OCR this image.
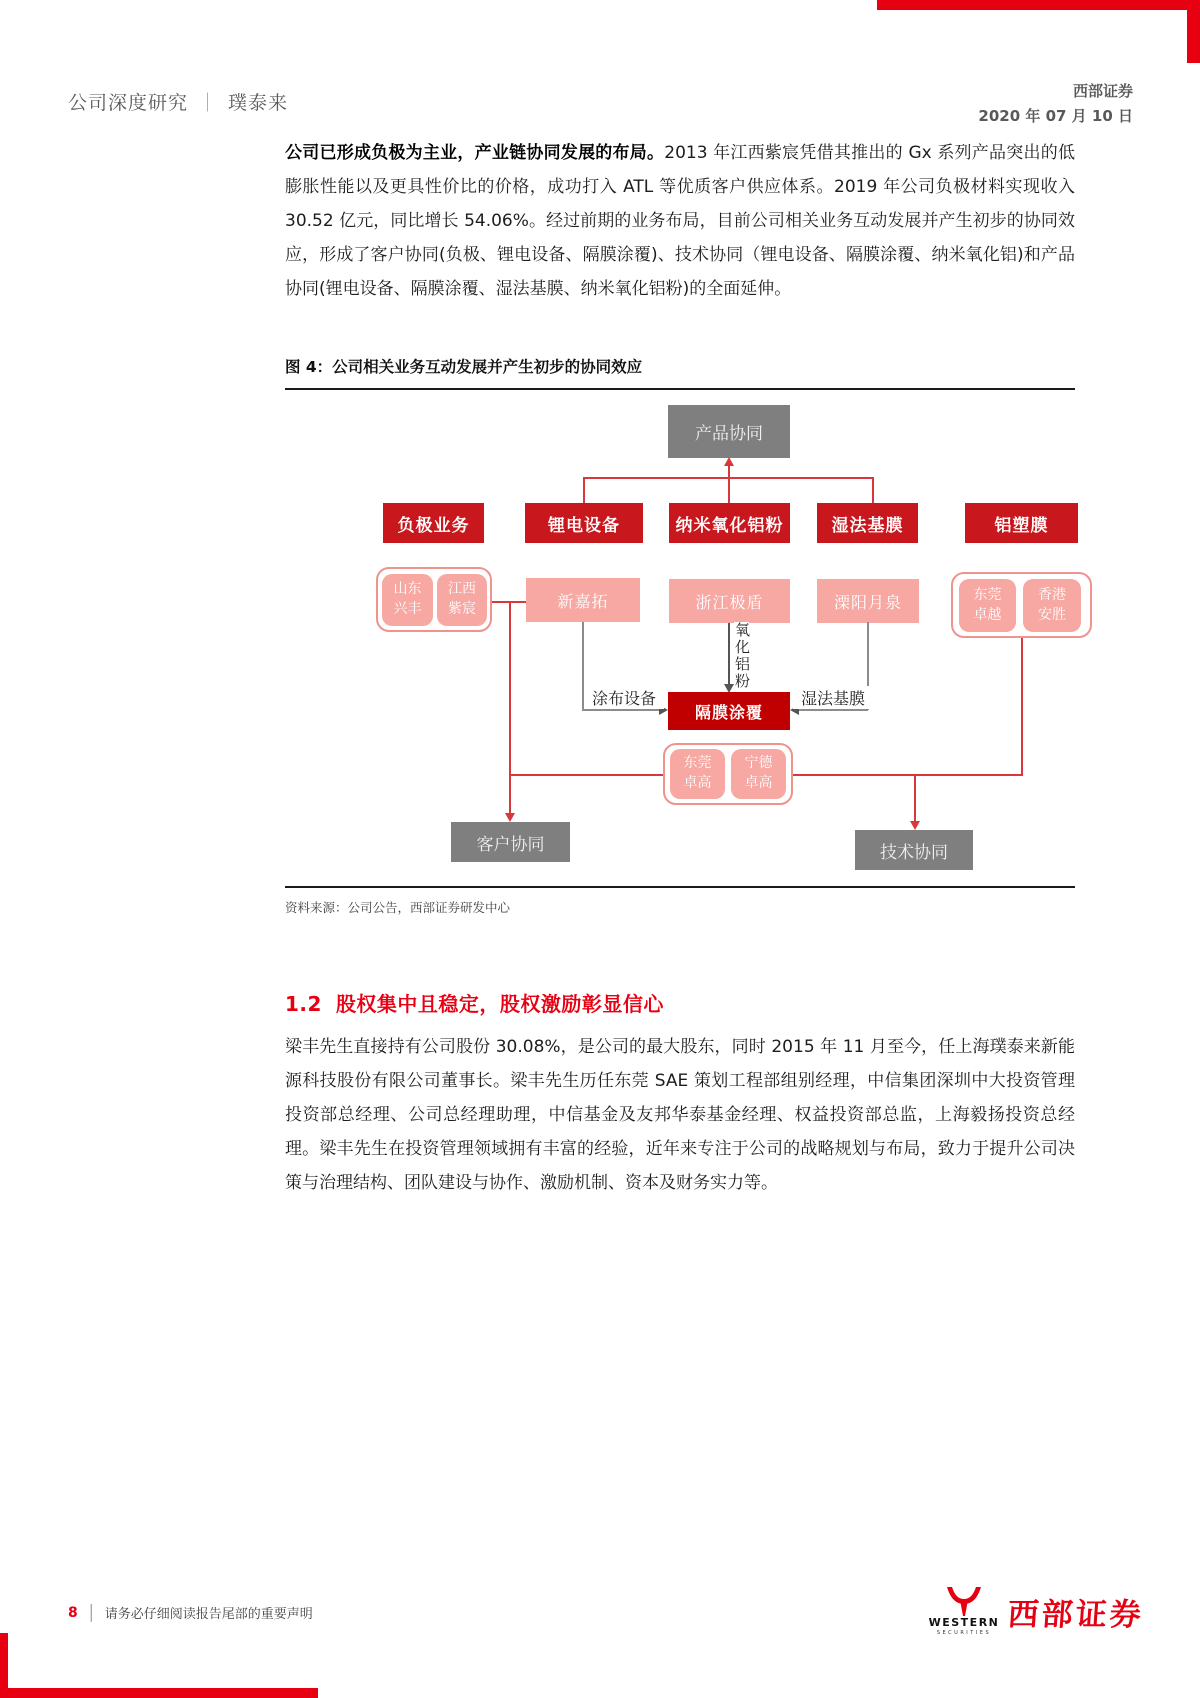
公司深度研究 ｜ 璞泰来
西部证券
2020 年 07 月 10 日
公司已形成负极为主业，产业链协同发展的布局。2013 年江西紫宸凭借其推出的 Gx 系列产品突出的低膨胀性能以及更具性价比的价格，成功打入 ATL 等优质客户供应体系。2019 年公司负极材料实现收入 30.52 亿元，同比增长 54.06%。经过前期的业务布局，目前公司相关业务互动发展并产生初步的协同效应，形成了客户协同(负极、锂电设备、隔膜涂覆)、技术协同（锂电设备、隔膜涂覆、纳米氧化铝)和产品协同(锂电设备、隔膜涂覆、湿法基膜、纳米氧化铝粉)的全面延伸。
图 4：公司相关业务互动发展并产生初步的协同效应
产品协同
负极业务	锂电设备	纳米氧化铝粉	湿法基膜	铝塑膜
山东兴丰
江西紫宸	新嘉拓	浙江极盾	溧阳月泉	东莞卓越
香港安胜
涂布设备
氧化铝粉
湿法基膜
隔膜涂覆
东莞卓高
宁德卓高
客户协同	技术协同
资料来源：公司公告，西部证券研发中心
1.2 股权集中且稳定，股权激励彰显信心
梁丰先生直接持有公司股份 30.08%，是公司的最大股东，同时 2015 年 11 月至今，任上海璞泰来新能源科技股份有限公司董事长。梁丰先生历任东莞 SAE 策划工程部组别经理，中信集团深圳中大投资管理投资部总经理、公司总经理助理，中信基金及友邦华泰基金经理、权益投资部总监，上海毅扬投资总经理。梁丰先生在投资管理领域拥有丰富的经验，近年来专注于公司的战略规划与布局，致力于提升公司决策与治理结构、团队建设与协作、激励机制、资本及财务实力等。
8 │ 请务必仔细阅读报告尾部的重要声明
WESTERN
SECURITIES
西部证券
